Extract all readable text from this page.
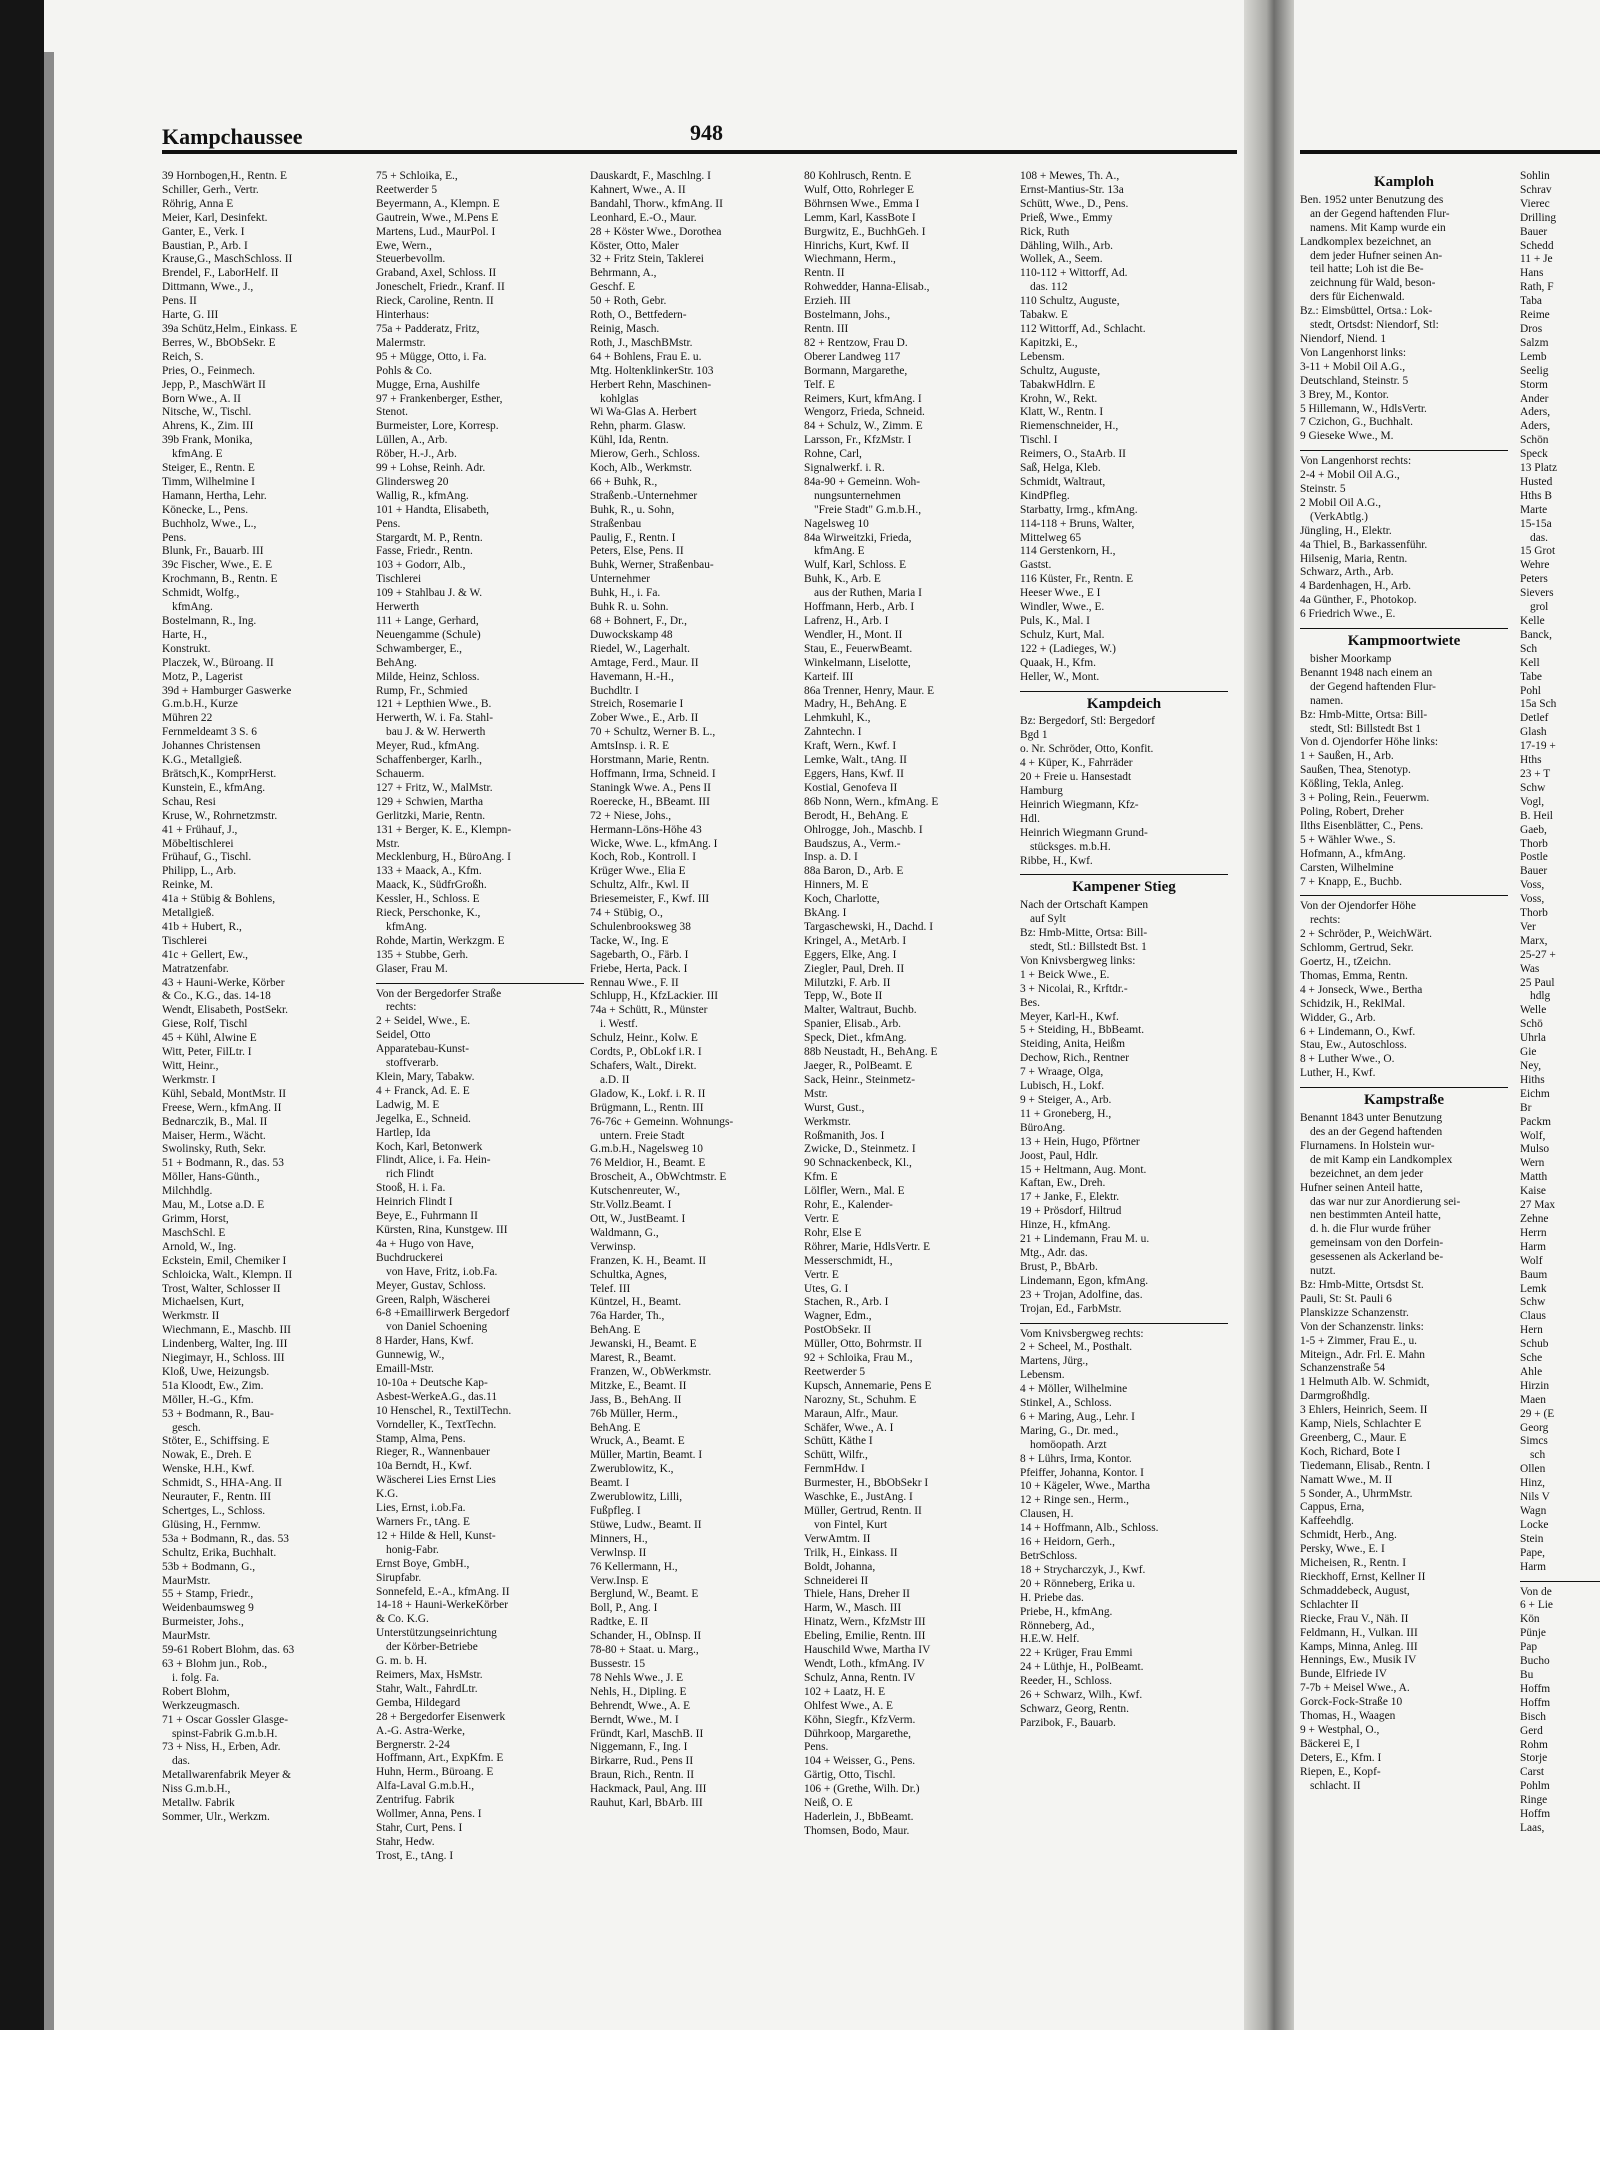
Kampchaussee	948
39 Hornbogen,H., Rentn. E
Schiller, Gerh., Vertr.
Röhrig, Anna E
Meier, Karl, Desinfekt.
Ganter, E., Verk. I
Baustian, P., Arb. I
Krause,G., MaschSchloss. II
Brendel, F., LaborHelf. II
Dittmann, Wwe., J.,
Pens. II
Harte, G. III
39a Schütz,Helm., Einkass. E
Berres, W., BbObSekr. E
Reich, S.
Pries, O., Feinmech.
Jepp, P., MaschWärt II
Born Wwe., A. II
Nitsche, W., Tischl.
Ahrens, K., Zim. III
39b Frank, Monika,
kfmAng. E
Steiger, E., Rentn. E
Timm, Wilhelmine I
Hamann, Hertha, Lehr.
Könecke, L., Pens.
Buchholz, Wwe., L.,
Pens.
Blunk, Fr., Bauarb. III
39c Fischer, Wwe., E. E
Krochmann, B., Rentn. E
Schmidt, Wolfg.,
kfmAng.
Bostelmann, R., Ing.
Harte, H.,
Konstrukt.
Placzek, W., Büroang. II
Motz, P., Lagerist
39d + Hamburger Gaswerke
G.m.b.H., Kurze
Mühren 22
Fernmeldeamt 3 S. 6
Johannes Christensen
K.G., Metallgieß.
Brätsch,K., KomprHerst.
Kunstein, E., kfmAng.
Schau, Resi
Kruse, W., Rohrnetzmstr.
41 + Frühauf, J.,
Möbeltischlerei
Frühauf, G., Tischl.
Philipp, L., Arb.
Reinke, M.
41a + Stübig & Bohlens,
Metallgieß.
41b + Hubert, R.,
Tischlerei
41c + Gellert, Ew.,
Matratzenfabr.
43 + Hauni-Werke, Körber
& Co., K.G., das. 14-18
Wendt, Elisabeth, PostSekr.
Giese, Rolf, Tischl
45 + Kühl, Alwine E
Witt, Peter, FilLtr. I
Witt, Heinr.,
Werkmstr. I
Kühl, Sebald, MontMstr. II
Freese, Wern., kfmAng. II
Bednarczik, B., Mal. II
Maiser, Herm., Wächt.
Swolinsky, Ruth, Sekr.
51 + Bodmann, R., das. 53
Möller, Hans-Günth.,
Milchhdlg.
Mau, M., Lotse a.D. E
Grimm, Horst,
MaschSchl. E
Arnold, W., Ing.
Eckstein, Emil, Chemiker I
Schloicka, Walt., Klempn. II
Trost, Walter, Schlosser II
Michaelsen, Kurt,
Werkmstr. II
Wiechmann, E., Maschb. III
Lindenberg, Walter, Ing. III
Niegimayr, H., Schloss. III
Kloß, Uwe, Heizungsb.
51a Kloodt, Ew., Zim.
Möller, H.-G., Kfm.
53 + Bodmann, R., Bau-
gesch.
Stöter, E., Schiffsing. E
Nowak, E., Dreh. E
Wenske, H.H., Kwf.
Schmidt, S., HHA-Ang. II
Neurauter, F., Rentn. III
Schertges, L., Schloss.
Glüsing, H., Fernmw.
53a + Bodmann, R., das. 53
Schultz, Erika, Buchhalt.
53b + Bodmann, G.,
MaurMstr.
55 + Stamp, Friedr.,
Weidenbaumsweg 9
Burmeister, Johs.,
MaurMstr.
59-61 Robert Blohm, das. 63
63 + Blohm jun., Rob.,
i. folg. Fa.
Robert Blohm,
Werkzeugmasch.
71 + Oscar Gossler Glasge-
spinst-Fabrik G.m.b.H.
73 + Niss, H., Erben, Adr.
das.
Metallwarenfabrik Meyer &
Niss G.m.b.H.,
Metallw. Fabrik
Sommer, Ulr., Werkzm.
75 + Schloika, E.,
Reetwerder 5
Beyermann, A., Klempn. E
Gautrein, Wwe., M.Pens E
Martens, Lud., MaurPol. I
Ewe, Wern.,
Steuerbevollm.
Graband, Axel, Schloss. II
Joneschelt, Friedr., Kranf. II
Rieck, Caroline, Rentn. II
Hinterhaus:
75a + Padderatz, Fritz,
Malermstr.
95 + Mügge, Otto, i. Fa.
Pohls & Co.
Mugge, Erna, Aushilfe
97 + Frankenberger, Esther,
Stenot.
Burmeister, Lore, Korresp.
Lüllen, A., Arb.
Röber, H.-J., Arb.
99 + Lohse, Reinh. Adr.
Glindersweg 20
Wallig, R., kfmAng.
101 + Handta, Elisabeth,
Pens.
Stargardt, M. P., Rentn.
Fasse, Friedr., Rentn.
103 + Godorr, Alb.,
Tischlerei
109 + Stahlbau J. & W.
Herwerth
111 + Lange, Gerhard,
Neuengamme (Schule)
Schwamberger, E.,
BehAng.
Milde, Heinz, Schloss.
Rump, Fr., Schmied
121 + Lepthien Wwe., B.
Herwerth, W. i. Fa. Stahl-
bau J. & W. Herwerth
Meyer, Rud., kfmAng.
Schaffenberger, Karlh.,
Schauerm.
127 + Fritz, W., MalMstr.
129 + Schwien, Martha
Gerlitzki, Marie, Rentn.
131 + Berger, K. E., Klempn-
Mstr.
Mecklenburg, H., BüroAng. I
133 + Maack, A., Kfm.
Maack, K., SüdfrGroßh.
Kessler, H., Schloss. E
Rieck, Perschonke, K.,
kfmAng.
Rohde, Martin, Werkzgm. E
135 + Stubbe, Gerh.
Glaser, Frau M.
Von der Bergedorfer Straße
rechts:
2 + Seidel, Wwe., E.
Seidel, Otto
Apparatebau-Kunst-
stoffverarb.
Klein, Mary, Tabakw.
4 + Franck, Ad. E. E
Ladwig, M. E
Jegelka, E., Schneid.
Hartlep, Ida
Koch, Karl, Betonwerk
Flindt, Alice, i. Fa. Hein-
rich Flindt
Stooß, H. i. Fa.
Heinrich Flindt I
Beye, E., Fuhrmann II
Kürsten, Rina, Kunstgew. III
4a + Hugo von Have,
Buchdruckerei
von Have, Fritz, i.ob.Fa.
Meyer, Gustav, Schloss.
Green, Ralph, Wäscherei
6-8 +Emaillirwerk Bergedorf
von Daniel Schoening
8 Harder, Hans, Kwf.
Gunnewig, W.,
Emaill-Mstr.
10-10a + Deutsche Kap-
Asbest-WerkeA.G., das.11
10 Henschel, R., TextilTechn.
Vorndeller, K., TextTechn.
Stamp, Alma, Pens.
Rieger, R., Wannenbauer
10a Berndt, H., Kwf.
Wäscherei Lies Ernst Lies
K.G.
Lies, Ernst, i.ob.Fa.
Warners Fr., tAng. E
12 + Hilde & Hell, Kunst-
honig-Fabr.
Ernst Boye, GmbH.,
Sirupfabr.
Sonnefeld, E.-A., kfmAng. II
14-18 + Hauni-WerkeKörber
& Co. K.G.
Unterstützungseinrichtung
der Körber-Betriebe
G. m. b. H.
Reimers, Max, HsMstr.
Stahr, Walt., FahrdLtr.
Gemba, Hildegard
28 + Bergedorfer Eisenwerk
A.-G. Astra-Werke,
Bergnerstr. 2-24
Hoffmann, Art., ExpKfm. E
Huhn, Herm., Büroang. E
Alfa-Laval G.m.b.H.,
Zentrifug. Fabrik
Wollmer, Anna, Pens. I
Stahr, Curt, Pens. I
Stahr, Hedw.
Trost, E., tAng. I
Dauskardt, F., Maschlng. I
Kahnert, Wwe., A. II
Bandahl, Thorw., kfmAng. II
Leonhard, E.-O., Maur.
28 + Köster Wwe., Dorothea
Köster, Otto, Maler
32 + Fritz Stein, Taklerei
Behrmann, A.,
Geschf. E
50 + Roth, Gebr.
Roth, O., Bettfedern-
Reinig, Masch.
Roth, J., MaschBMstr.
64 + Bohlens, Frau E. u.
Mtg. HoltenklinkerStr. 103
Herbert Rehn, Maschinen-
kohlglas
Wi Wa-Glas A. Herbert
Rehn, pharm. Glasw.
Kühl, Ida, Rentn.
Mierow, Gerh., Schloss.
Koch, Alb., Werkmstr.
66 + Buhk, R.,
Straßenb.-Unternehmer
Buhk, R., u. Sohn,
Straßenbau
Paulig, F., Rentn. I
Peters, Else, Pens. II
Buhk, Werner, Straßenbau-
Unternehmer
Buhk, H., i. Fa.
Buhk R. u. Sohn.
68 + Bohnert, F., Dr.,
Duwockskamp 48
Riedel, W., Lagerhalt.
Amtage, Ferd., Maur. II
Havemann, H.-H.,
Buchdltr. I
Streich, Rosemarie I
Zober Wwe., E., Arb. II
70 + Schultz, Werner B. L.,
AmtsInsp. i. R. E
Horstmann, Marie, Rentn.
Hoffmann, Irma, Schneid. I
Staningk Wwe. A., Pens II
Roerecke, H., BBeamt. III
72 + Niese, Johs.,
Hermann-Löns-Höhe 43
Wicke, Wwe. L., kfmAng. I
Koch, Rob., Kontroll. I
Krüger Wwe., Elia E
Schultz, Alfr., Kwl. II
Briesemeister, F., Kwf. III
74 + Stübig, O.,
Schulenbrooksweg 38
Tacke, W., Ing. E
Sagebarth, O., Färb. I
Friebe, Herta, Pack. I
Rennau Wwe., F. II
Schlupp, H., KfzLackier. III
74a + Schütt, R., Münster
i. Westf.
Schulz, Heinr., Kolw. E
Cordts, P., ObLokf i.R. I
Schafers, Walt., Direkt.
a.D. II
Gladow, K., Lokf. i. R. II
Brügmann, L., Rentn. III
76-76c + Gemeinn. Wohnungs-
untern. Freie Stadt
G.m.b.H., Nagelsweg 10
76 Meldior, H., Beamt. E
Broscheit, A., ObWchtmstr. E
Kutschenreuter, W.,
Str.Vollz.Beamt. I
Ott, W., JustBeamt. I
Waldmann, G.,
Verwinsp.
Franzen, K. H., Beamt. II
Schultka, Agnes,
Telef. III
Küntzel, H., Beamt.
76a Harder, Th.,
BehAng. E
Jewanski, H., Beamt. E
Marest, R., Beamt.
Franzen, W., ObWerkmstr.
Mitzke, E., Beamt. II
Jass, B., BehAng. II
76b Müller, Herm.,
BehAng. E
Wruck, A., Beamt. E
Müller, Martin, Beamt. I
Zwerublowitz, K.,
Beamt. I
Zwerublowitz, Lilli,
Fußpfleg. I
Stüwe, Ludw., Beamt. II
Minners, H.,
Verwlnsp. II
76 Kellermann, H.,
Verw.Insp. E
Berglund, W., Beamt. E
Boll, P., Ang. I
Radtke, E. II
Schander, H., ObInsp. II
78-80 + Staat. u. Marg.,
Bussestr. 15
78 Nehls Wwe., J. E
Nehls, H., Dipling. E
Behrendt, Wwe., A. E
Berndt, Wwe., M. I
Fründt, Karl, MaschB. II
Niggemann, F., Ing. I
Birkarre, Rud., Pens II
Braun, Rich., Rentn. II
Hackmack, Paul, Ang. III
Rauhut, Karl, BbArb. III
80 Kohlrusch, Rentn. E
Wulf, Otto, Rohrleger E
Böhrnsen Wwe., Emma I
Lemm, Karl, KassBote I
Burgwitz, E., BuchhGeh. I
Hinrichs, Kurt, Kwf. II
Wiechmann, Herm.,
Rentn. II
Rohwedder, Hanna-Elisab.,
Erzieh. III
Bostelmann, Johs.,
Rentn. III
82 + Rentzow, Frau D.
Oberer Landweg 117
Bormann, Margarethe,
Telf. E
Reimers, Kurt, kfmAng. I
Wengorz, Frieda, Schneid.
84 + Schulz, W., Zimm. E
Larsson, Fr., KfzMstr. I
Rohne, Carl,
Signalwerkf. i. R.
84a-90 + Gemeinn. Woh-
nungsunternehmen
"Freie Stadt" G.m.b.H.,
Nagelsweg 10
84a Wirweitzki, Frieda,
kfmAng. E
Wulf, Karl, Schloss. E
Buhk, K., Arb. E
aus der Ruthen, Maria I
Hoffmann, Herb., Arb. I
Lafrenz, H., Arb. I
Wendler, H., Mont. II
Stau, E., FeuerwBeamt.
Winkelmann, Liselotte,
Karteif. III
86a Trenner, Henry, Maur. E
Madry, H., BehAng. E
Lehmkuhl, K.,
Zahntechn. I
Kraft, Wern., Kwf. I
Lemke, Walt., tAng. II
Eggers, Hans, Kwf. II
Kostial, Genofeva II
86b Nonn, Wern., kfmAng. E
Berodt, H., BehAng. E
Ohlrogge, Joh., Maschb. I
Baudszus, A., Verm.-
Insp. a. D. I
88a Baron, D., Arb. E
Hinners, M. E
Koch, Charlotte,
BkAng. I
Targaschewski, H., Dachd. I
Kringel, A., MetArb. I
Eggers, Elke, Ang. I
Ziegler, Paul, Dreh. II
Milutzki, F. Arb. II
Tepp, W., Bote II
Malter, Waltraut, Buchb.
Spanier, Elisab., Arb.
Speck, Diet., kfmAng.
88b Neustadt, H., BehAng. E
Jaeger, R., PolBeamt. E
Sack, Heinr., Steinmetz-
Mstr.
Wurst, Gust.,
Werkmstr.
Roßmanith, Jos. I
Zwicke, D., Steinmetz. I
90 Schnackenbeck, Kl.,
Kfm. E
Lölfler, Wern., Mal. E
Rohr, E., Kalender-
Vertr. E
Rohr, Else E
Röhrer, Marie, HdlsVertr. E
Messerschmidt, H.,
Vertr. E
Utes, G. I
Stachen, R., Arb. I
Wagner, Edm.,
PostObSekr. II
Müller, Otto, Bohrmstr. II
92 + Schloika, Frau M.,
Reetwerder 5
Kupsch, Annemarie, Pens E
Narozny, St., Schuhm. E
Maraun, Alfr., Maur.
Schäfer, Wwe., A. I
Schütt, Käthe I
Schütt, Wilfr.,
FernmHdw. I
Burmester, H., BbObSekr I
Waschke, E., JustAng. I
Müller, Gertrud, Rentn. II
von Fintel, Kurt
VerwAmtm. II
Trilk, H., Einkass. II
Boldt, Johanna,
Schneiderei II
Thiele, Hans, Dreher II
Harm, W., Masch. III
Hinatz, Wern., KfzMstr III
Ebeling, Emilie, Rentn. III
Hauschild Wwe, Martha IV
Wendt, Loth., kfmAng. IV
Schulz, Anna, Rentn. IV
102 + Laatz, H. E
Ohlfest Wwe., A. E
Köhn, Siegfr., KfzVerm.
Dührkoop, Margarethe,
Pens.
104 + Weisser, G., Pens.
Gärtig, Otto, Tischl.
106 + (Grethe, Wilh. Dr.)
Neiß, O. E
Haderlein, J., BbBeamt.
Thomsen, Bodo, Maur.
108 + Mewes, Th. A.,
Ernst-Mantius-Str. 13a
Schütt, Wwe., D., Pens.
Prieß, Wwe., Emmy
Rick, Ruth
Dähling, Wilh., Arb.
Wollek, A., Seem.
110-112 + Wittorff, Ad.
das. 112
110 Schultz, Auguste,
Tabakw. E
112 Wittorff, Ad., Schlacht.
Kapitzki, E.,
Lebensm.
Schultz, Auguste,
TabakwHdlrn. E
Krohn, W., Rekt.
Klatt, W., Rentn. I
Riemenschneider, H.,
Tischl. I
Reimers, O., StaArb. II
Saß, Helga, Kleb.
Schmidt, Waltraut,
KindPfleg.
Starbatty, Irmg., kfmAng.
114-118 + Bruns, Walter,
Mittelweg 65
114 Gerstenkorn, H.,
Gastst.
116 Küster, Fr., Rentn. E
Heeser Wwe., E I
Windler, Wwe., E.
Puls, K., Mal. I
Schulz, Kurt, Mal.
122 + (Ladieges, W.)
Quaak, H., Kfm.
Heller, W., Mont.
Kampdeich
Bz: Bergedorf, Stl: Bergedorf
Bgd 1
o. Nr. Schröder, Otto, Konfit.
4 + Küper, K., Fahrräder
20 + Freie u. Hansestadt
Hamburg
Heinrich Wiegmann, Kfz-
Hdl.
Heinrich Wiegmann Grund-
stücksges. m.b.H.
Ribbe, H., Kwf.
Kampener Stieg
Nach der Ortschaft Kampen
auf Sylt
Bz: Hmb-Mitte, Ortsa: Bill-
stedt, Stl.: Billstedt Bst. 1
Von Knivsbergweg links:
1 + Beick Wwe., E.
3 + Nicolai, R., Krftdr.-
Bes.
Meyer, Karl-H., Kwf.
5 + Steiding, H., BbBeamt.
Steiding, Anita, Heißm
Dechow, Rich., Rentner
7 + Wraage, Olga,
Lubisch, H., Lokf.
9 + Steiger, A., Arb.
11 + Groneberg, H.,
BüroAng.
13 + Hein, Hugo, Pförtner
Joost, Paul, Hdlr.
15 + Heltmann, Aug. Mont.
Kaftan, Ew., Dreh.
17 + Janke, F., Elektr.
19 + Prösdorf, Hiltrud
Hinze, H., kfmAng.
21 + Lindemann, Frau M. u.
Mtg., Adr. das.
Brust, P., BbArb.
Lindemann, Egon, kfmAng.
23 + Trojan, Adolfine, das.
Trojan, Ed., FarbMstr.
Vom Knivsbergweg rechts:
2 + Scheel, M., Posthalt.
Martens, Jürg.,
Lebensm.
4 + Möller, Wilhelmine
Stinkel, A., Schloss.
6 + Maring, Aug., Lehr. I
Maring, G., Dr. med.,
homöopath. Arzt
8 + Lührs, Irma, Kontor.
Pfeiffer, Johanna, Kontor. I
10 + Kägeler, Wwe., Martha
12 + Ringe sen., Herm.,
Clausen, H.
14 + Hoffmann, Alb., Schloss.
16 + Heidorn, Gerh.,
BetrSchloss.
18 + Strycharczyk, J., Kwf.
20 + Rönneberg, Erika u.
H. Priebe das.
Priebe, H., kfmAng.
Rönneberg, Ad.,
H.E.W. Helf.
22 + Krüger, Frau Emmi
24 + Lüthje, H., PolBeamt.
Reeder, H., Schloss.
26 + Schwarz, Wilh., Kwf.
Schwarz, Georg, Rentn.
Parzibok, F., Bauarb.
Kamploh
Ben. 1952 unter Benutzung des
an der Gegend haftenden Flur-
namens. Mit Kamp wurde ein
Landkomplex bezeichnet, an
dem jeder Hufner seinen An-
teil hatte; Loh ist die Be-
zeichnung für Wald, beson-
ders für Eichenwald.
Bz.: Eimsbüttel, Ortsa.: Lok-
stedt, Ortsdst: Niendorf, Stl:
Niendorf, Niend. 1
Von Langenhorst links:
3-11 + Mobil Oil A.G.,
Deutschland, Steinstr. 5
3 Brey, M., Kontor.
5 Hillemann, W., HdlsVertr.
7 Czichon, G., Buchhalt.
9 Gieseke Wwe., M.
Von Langenhorst rechts:
2-4 + Mobil Oil A.G.,
Steinstr. 5
2 Mobil Oil A.G.,
(VerkAbtlg.)
Jüngling, H., Elektr.
4a Thiel, B., Barkassenführ.
Hilsenig, Maria, Rentn.
Schwarz, Arth., Arb.
4 Bardenhagen, H., Arb.
4a Günther, F., Photokop.
6 Friedrich Wwe., E.
Kampmoortwiete
bisher Moorkamp
Benannt 1948 nach einem an
der Gegend haftenden Flur-
namen.
Bz: Hmb-Mitte, Ortsa: Bill-
stedt, Stl: Billstedt Bst 1
Von d. Ojendorfer Höhe links:
1 + Saußen, H., Arb.
Saußen, Thea, Stenotyp.
Kößling, Tekla, Anleg.
3 + Poling, Rein., Feuerwm.
Poling, Robert, Dreher
Ilths Eisenblätter, C., Pens.
5 + Wähler Wwe., S.
Hofmann, A., kfmAng.
Carsten, Wilhelmine
7 + Knapp, E., Buchb.
Von der Ojendorfer Höhe
rechts:
2 + Schröder, P., WeichWärt.
Schlomm, Gertrud, Sekr.
Goertz, H., tZeichn.
Thomas, Emma, Rentn.
4 + Jonseck, Wwe., Bertha
Schidzik, H., ReklMal.
Widder, G., Arb.
6 + Lindemann, O., Kwf.
Stau, Ew., Autoschloss.
8 + Luther Wwe., O.
Luther, H., Kwf.
Kampstraße
Benannt 1843 unter Benutzung
des an der Gegend haftenden
Flurnamens. In Holstein wur-
de mit Kamp ein Landkomplex
bezeichnet, an dem jeder
Hufner seinen Anteil hatte,
das war nur zur Anordierung sei-
nen bestimmten Anteil hatte,
d. h. die Flur wurde früher
gemeinsam von den Dorfein-
gesessenen als Ackerland be-
nutzt.
Bz: Hmb-Mitte, Ortsdst St.
Pauli, St: St. Pauli 6
Planskizze Schanzenstr.
Von der Schanzenstr. links:
1-5 + Zimmer, Frau E., u.
Miteign., Adr. Frl. E. Mahn
Schanzenstraße 54
1 Helmuth Alb. W. Schmidt,
Darmgroßhdlg.
3 Ehlers, Heinrich, Seem. II
Kamp, Niels, Schlachter E
Greenberg, C., Maur. E
Koch, Richard, Bote I
Tiedemann, Elisab., Rentn. I
Namatt Wwe., M. II
5 Sonder, A., UhrmMstr.
Cappus, Erna,
Kaffeehdlg.
Schmidt, Herb., Ang.
Persky, Wwe., E. I
Micheisen, R., Rentn. I
Rieckhoff, Ernst, Kellner II
Schmaddebeck, August,
Schlachter II
Riecke, Frau V., Näh. II
Feldmann, H., Vulkan. III
Kamps, Minna, Anleg. III
Hennings, Ew., Musik IV
Bunde, Elfriede IV
7-7b + Meisel Wwe., A.
Gorck-Fock-Straße 10
Thomas, H., Waagen
9 + Westphal, O.,
Bäckerei E, I
Deters, E., Kfm. I
Riepen, E., Kopf-
schlacht. II
Sohlin
Schrav
Vierec
Drilling
Bauer
Schedd
11 + Je
Hans
Rath, F
Taba
Reime
Dros
Salzm
Lemb
Seelig
Storm
Ander
Aders,
Aders,
Schön
Speck
13 Platz
Husted
Hths B
Marte
15-15a
das.
15 Grot
Wehre
Peters
Sievers
grol
Kelle
Banck,
Sch
Kell
Tabe
Pohl
15a Sch
Detlef
Glash
17-19 +
Hths
23 + T
Schw
Vogl,
B. Heil
Gaeb,
Thorb
Postle
Bauer
Voss,
Voss,
Thorb
Ver
Marx,
25-27 +
Was
25 Paul
hdlg
Welle
Schö
Uhrla
Gie
Ney,
Hiths
Eichm
Br
Packm
Wolf,
Mulso
Wern
Matth
Kaise
27 Max
Zehne
Herrn
Harm
Wolf
Baum
Lemk
Schw
Claus
Hern
Schub
Sche
Ahle
Hirzin
Maen
29 + (E
Georg
Simcs
sch
Ollen
Hinz,
Nils V
Wagn
Locke
Stein
Pape,
Harm
Von de
6 + Lie
Kön
Pünje
Pap
Bucho
Bu
Hoffm
Hoffm
Bisch
Gerd
Rohm
Storje
Carst
Pohlm
Ringe
Hoffm
Laas,
